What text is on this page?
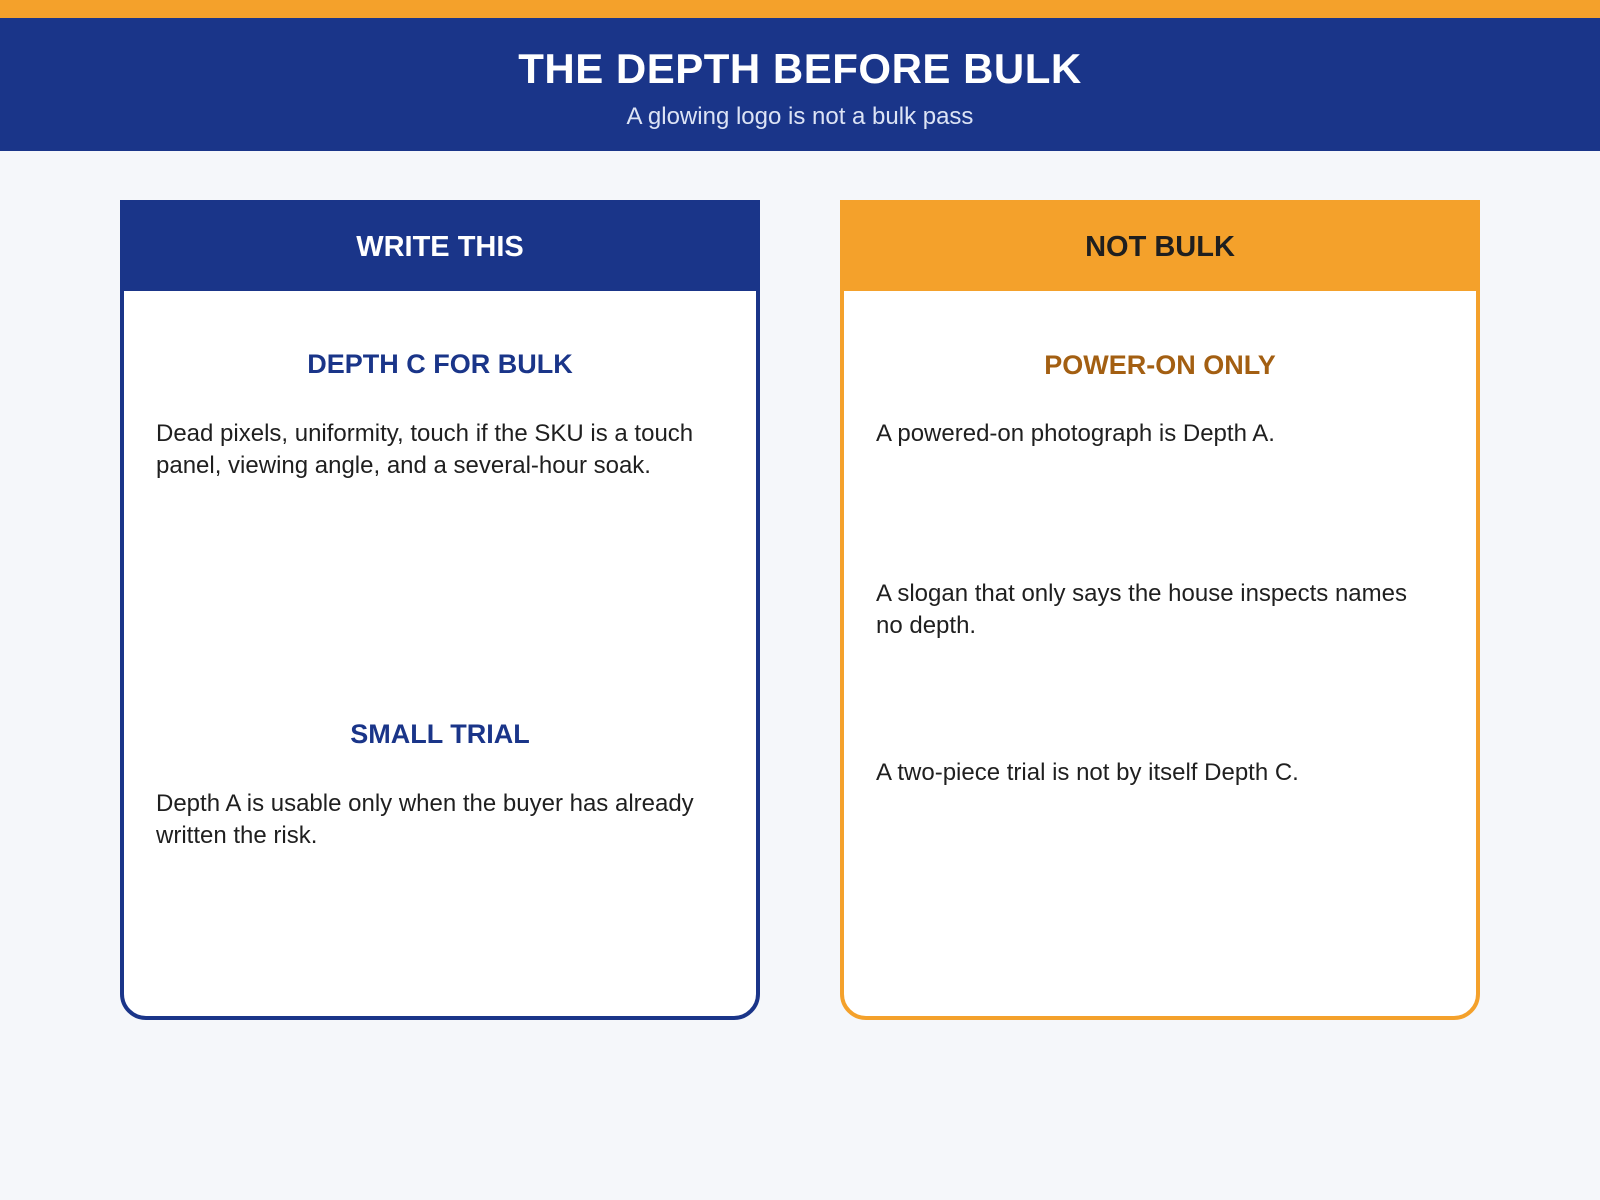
THE DEPTH BEFORE BULK
A glowing logo is not a bulk pass
WRITE THIS
DEPTH C FOR BULK
Dead pixels, uniformity, touch if the SKU is a touch panel, viewing angle, and a several-hour soak.
SMALL TRIAL
Depth A is usable only when the buyer has already written the risk.
NOT BULK
POWER-ON ONLY
A powered-on photograph is Depth A.
A slogan that only says the house inspects names no depth.
A two-piece trial is not by itself Depth C.
